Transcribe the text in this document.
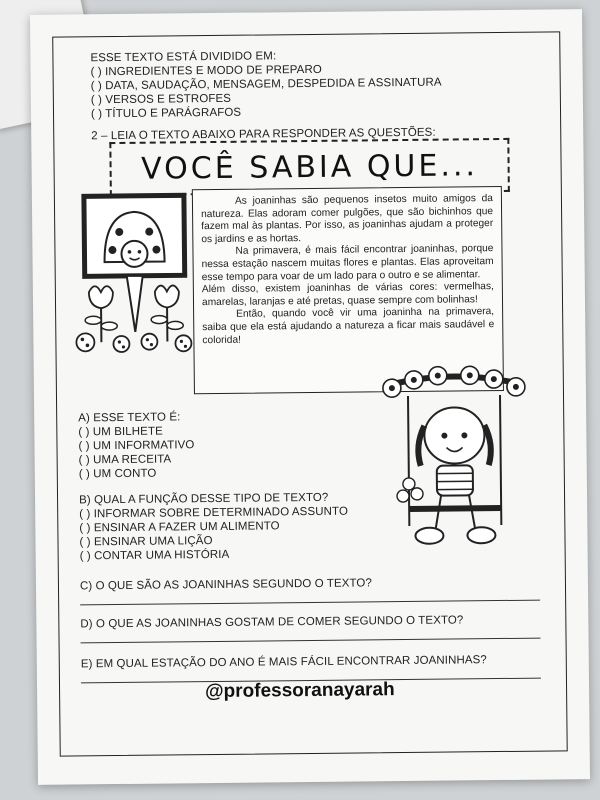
ESSE TEXTO ESTÁ DIVIDIDO EM:
( ) INGREDIENTES E MODO DE PREPARO
( ) DATA, SAUDAÇÃO, MENSAGEM, DESPEDIDA E ASSINATURA
( ) VERSOS E ESTROFES
( ) TÍTULO E PARÁGRAFOS
2 – LEIA O TEXTO ABAIXO PARA RESPONDER AS QUESTÕES:
VOCÊ SABIA QUE...

As joaninhas são pequenos insetos muito amigos da natureza. Elas adoram comer pulgões, que são bichinhos que fazem mal às plantas. Por isso, as joaninhas ajudam a proteger os jardins e as hortas.

Na primavera, é mais fácil encontrar joaninhas, porque nessa estação nascem muitas flores e plantas. Elas aproveitam esse tempo para voar de um lado para o outro e se alimentar.

Além disso, existem joaninhas de várias cores: vermelhas, amarelas, laranjas e até pretas, quase sempre com bolinhas!

Então, quando você vir uma joaninha na primavera, saiba que ela está ajudando a natureza a ficar mais saudável e colorida!

A) ESSE TEXTO É:
( ) UM BILHETE
( ) UM INFORMATIVO
( ) UMA RECEITA
( ) UM CONTO
B) QUAL A FUNÇÃO DESSE TIPO DE TEXTO?
( ) INFORMAR SOBRE DETERMINADO ASSUNTO
( ) ENSINAR A FAZER UM ALIMENTO
( ) ENSINAR UMA LIÇÃO
( ) CONTAR UMA HISTÓRIA
C) O QUE SÃO AS JOANINHAS SEGUNDO O TEXTO?
D) O QUE AS JOANINHAS GOSTAM DE COMER SEGUNDO O TEXTO?
E) EM QUAL ESTAÇÃO DO ANO É MAIS FÁCIL ENCONTRAR JOANINHAS?
@professoranayarah
